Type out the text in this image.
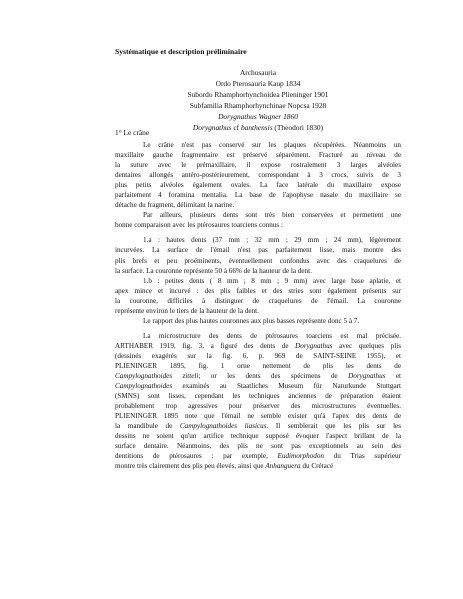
Systématique et description préliminaire
Archosauria
Ordo Pterosauria Kaup 1834
Subordo Rhamphorhynchoidea Plieninger 1901
Subfamilia Rhamphorhynchinae Nopcsa 1928
Dorygnathus Wagner 1860
Dorygnathus cf banthensis (Theodori 1830)
1° Le crâne
Le crâne n'est pas conservé sur les plaques récupérées. Néanmoins un
maxillaire gauche fragmentaire est préservé séparément. Fracturé au niveau de
la suture avec le prémaxillaire, il expose rostralement 3 larges alvéoles
dentaires allongés antéro-postérieurement, correspondant à 3 crocs, suivis de 3
plus petits alvéoles également ovales. La face latérale du maxillaire expose
parfaitement 4 foramina mentalia. La base de l'apophyse nasale du maxillaire se
détache du fragment, délimitant la narine.
Par ailleurs, plusieurs dents sont très bien conservées et permettent une
bonne comparaison avec les ptérosaures toarciens connus :
1.a : hautes dents (37 mm ; 32 mm ; 29 mm ; 24 mm), légèrement
incurvées. La surface de l'émail n'est pas parfaitement lisse, mais montre des
plis brefs et peu proéminents, éventuellement confondus avec des craquelures de
la surface. La couronne représente 50 à 66% de la hauteur de la dent.
1.b : petites dents ( 8 mm ; 8 mm ; 9 mm) avec large base aplatie, et
apex mince et incurvé : des plis faibles et des stries sont également présents sur
la couronne, difficiles à distinguer de craquelures de l'émail. La couronne
représente environ le tiers de la hauteur de la dent.
Le rapport des plus hautes couronnes aux plus basses représente donc 5 à 7.
La microstructure des dents de ptérosaures toarciens est mal précisée.
ARTHABER 1919, fig. 3, a figuré des dents de Dorygnathus avec quelques plis
(dessinés exagérés sur la fig. 6, p. 969 de SAINT-SEINE 1955), et
PLIENINGER 1895, fig. 1 orne nettement de plis les dents de
Campylognathoides zitteli; or les dents des spécimens de Dorygnathus et
Campylognathoides examinés au Staatliches Museum für Naturkunde Stuttgart
(SMNS) sont lisses, cependant les techniques anciennes de préparation étaient
probablement trop agressives pour préserver des microstructures éventuelles.
PLIENINGER 1895 note que l'émail ne semble exister qu'à l'apex des dents de
la mandibule de Campylognathoides liasicus. Il semblerait que les plis sur les
dessins ne soient qu'un artifice technique supposé évoquer l'aspect brillant de la
surface dentaire. Néanmoins, des plis ne sont pas exceptionnels au sein des
dentitions de ptérosaures : par exemple, Eudimorphodon du Trias supérieur
montre très clairement des plis peu élevés, ainsi que Anhanguera du Crétacé
